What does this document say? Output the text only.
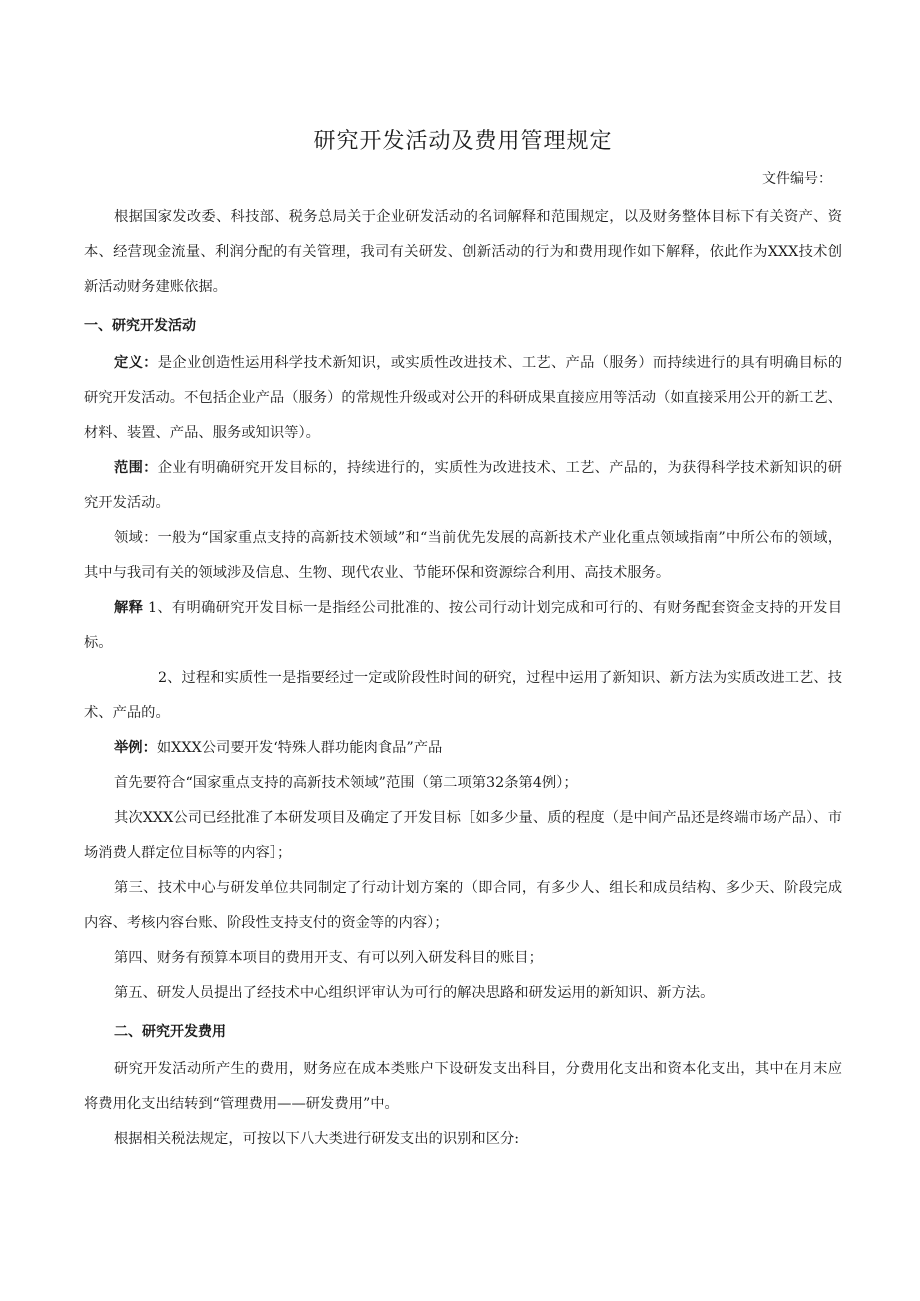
研究开发活动及费用管理规定
文件编号：

根据国家发改委、科技部、税务总局关于企业研发活动的名词解释和范围规定，以及财务整体目标下有关资产、资本、经营现金流量、利润分配的有关管理，我司有关研发、创新活动的行为和费用现作如下解释，依此作为XXX技术创新活动财务建账依据。

一、研究开发活动

定义：是企业创造性运用科学技术新知识，或实质性改进技术、工艺、产品（服务）而持续进行的具有明确目标的研究开发活动。不包括企业产品（服务）的常规性升级或对公开的科研成果直接应用等活动（如直接采用公开的新工艺、材料、装置、产品、服务或知识等）。

范围：企业有明确研究开发目标的，持续进行的，实质性为改进技术、工艺、产品的，为获得科学技术新知识的研究开发活动。

领域：一般为“国家重点支持的高新技术领域”和“当前优先发展的高新技术产业化重点领域指南”中所公布的领域，其中与我司有关的领域涉及信息、生物、现代农业、节能环保和资源综合利用、高技术服务。

解释 1、有明确研究开发目标一是指经公司批准的、按公司行动计划完成和可行的、有财务配套资金支持的开发目标。

2、过程和实质性一是指要经过一定或阶段性时间的研究，过程中运用了新知识、新方法为实质改进工艺、技术、产品的。

举例：如XXX公司要开发‘特殊人群功能肉食品”产品

首先要符合“国家重点支持的高新技术领域”范围（第二项第32条第4例）；

其次XXX公司已经批准了本研发项目及确定了开发目标［如多少量、质的程度（是中间产品还是终端市场产品）、市场消费人群定位目标等的内容］；

第三、技术中心与研发单位共同制定了行动计划方案的（即合同，有多少人、组长和成员结构、多少天、阶段完成内容、考核内容台账、阶段性支持支付的资金等的内容）；

第四、财务有预算本项目的费用开支、有可以列入研发科目的账目；

第五、研发人员提出了经技术中心组织评审认为可行的解决思路和研发运用的新知识、新方法。

二、研究开发费用

研究开发活动所产生的费用，财务应在成本类账户下设研发支出科目，分费用化支出和资本化支出，其中在月末应将费用化支出结转到“管理费用——研发费用”中。

根据相关税法规定，可按以下八大类进行研发支出的识别和区分:
